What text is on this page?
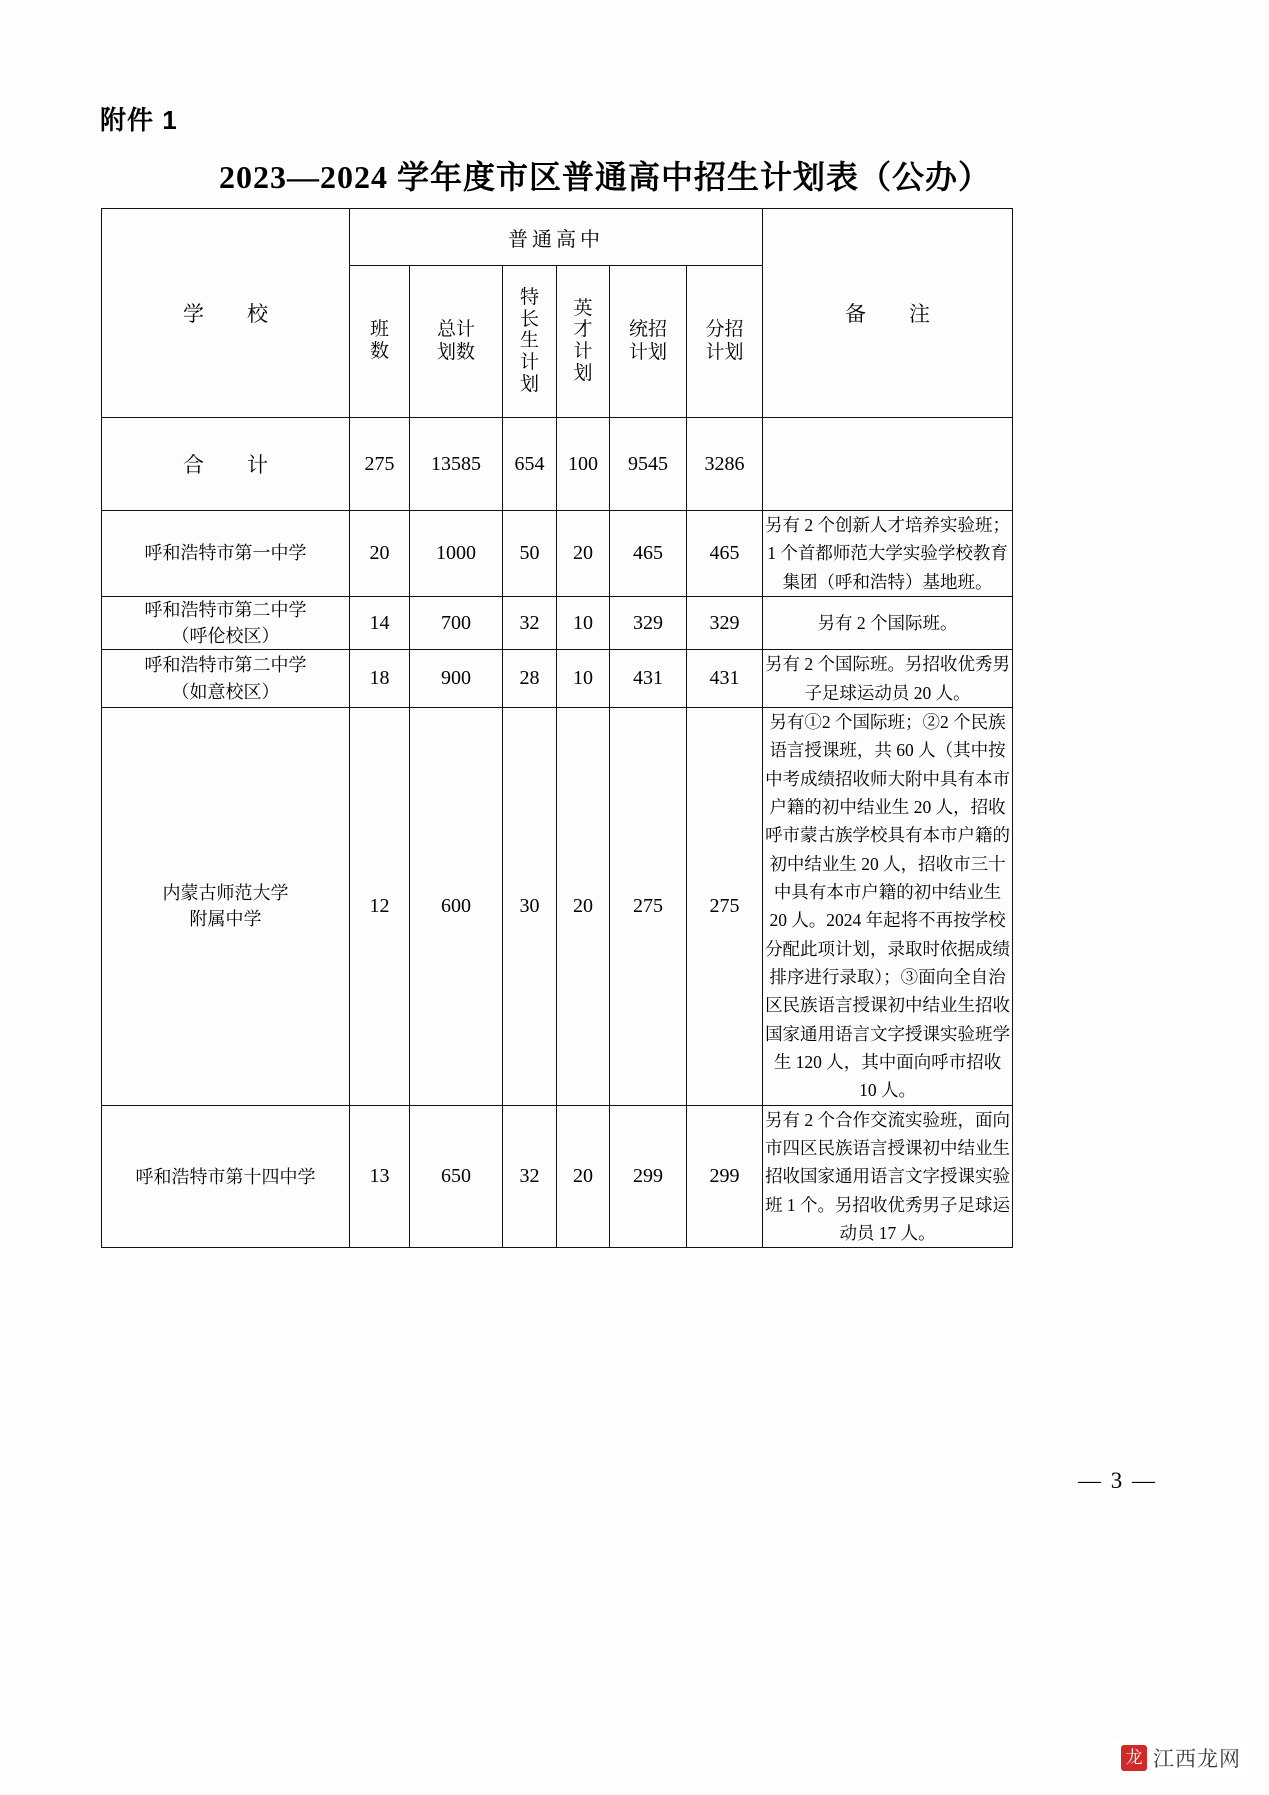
附件 1
2023—2024 学年度市区普通高中招生计划表（公办）
学　校	普通高中						备　注
	班数	总计划数	特长生计划	英才计划	统招计划	分招计划	
合　计	275	13585	654	100	9545	3286	
呼和浩特市第一中学	20	1000	50	20	465	465	另有 2 个创新人才培养实验班；1 个首都师范大学实验学校教育集团（呼和浩特）基地班。
呼和浩特市第二中学
（呼伦校区）	14	700	32	10	329	329	另有 2 个国际班。
呼和浩特市第二中学
（如意校区）	18	900	28	10	431	431	另有 2 个国际班。另招收优秀男子足球运动员 20 人。
内蒙古师范大学
附属中学	12	600	30	20	275	275	另有①2 个国际班；②2 个民族语言授课班，共 60 人（其中按中考成绩招收师大附中具有本市户籍的初中结业生 20 人，招收呼市蒙古族学校具有本市户籍的初中结业生 20 人，招收市三十中具有本市户籍的初中结业生 20 人。2024 年起将不再按学校分配此项计划，录取时依据成绩排序进行录取）；③面向全自治区民族语言授课初中结业生招收国家通用语言文字授课实验班学生 120 人，其中面向呼市招收 10 人。
呼和浩特市第十四中学	13	650	32	20	299	299	另有 2 个合作交流实验班，面向市四区民族语言授课初中结业生招收国家通用语言文字授课实验班 1 个。另招收优秀男子足球运动员 17 人。
— 3 —
龙 江西龙网
